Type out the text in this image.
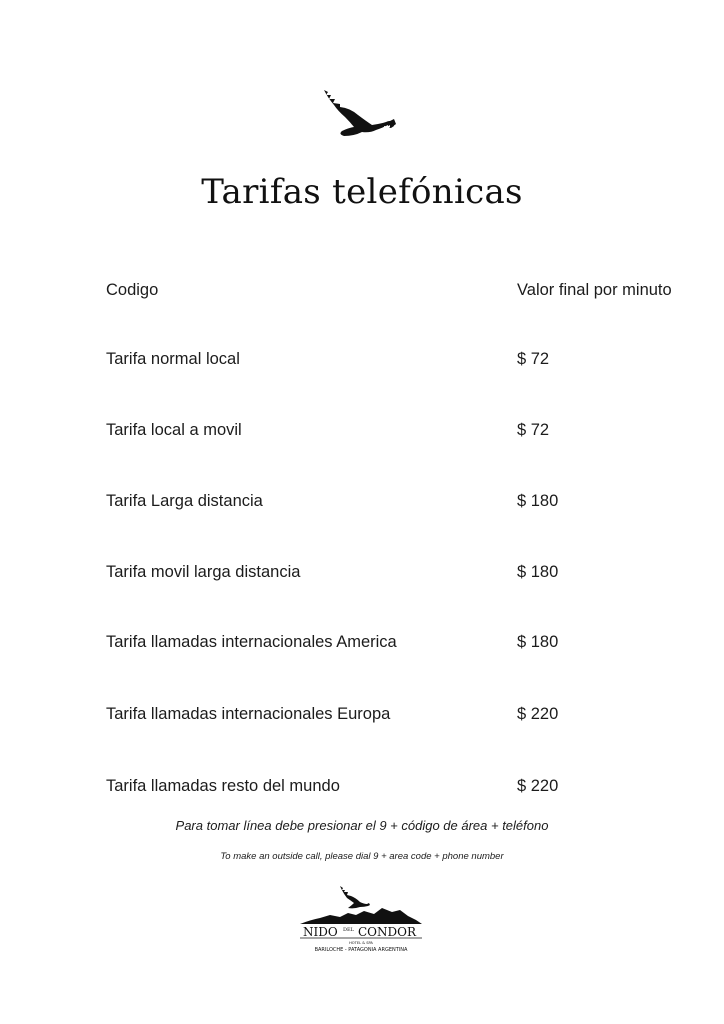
Tarifas telefónicas
Codigo	Valor final por minuto
Tarifa normal local	$ 72
Tarifa local a movil	$ 72
Tarifa Larga distancia	$ 180
Tarifa movil larga distancia	$ 180
Tarifa llamadas internacionales America	$ 180
Tarifa llamadas internacionales Europa	$ 220
Tarifa llamadas resto del mundo	$ 220
Para tomar línea debe presionar el 9 + código de área + teléfono
To make an outside call, please dial 9 + area code + phone number
NIDO DEL CONDOR
HOTEL & SPA
BARILOCHE - PATAGONIA ARGENTINA
